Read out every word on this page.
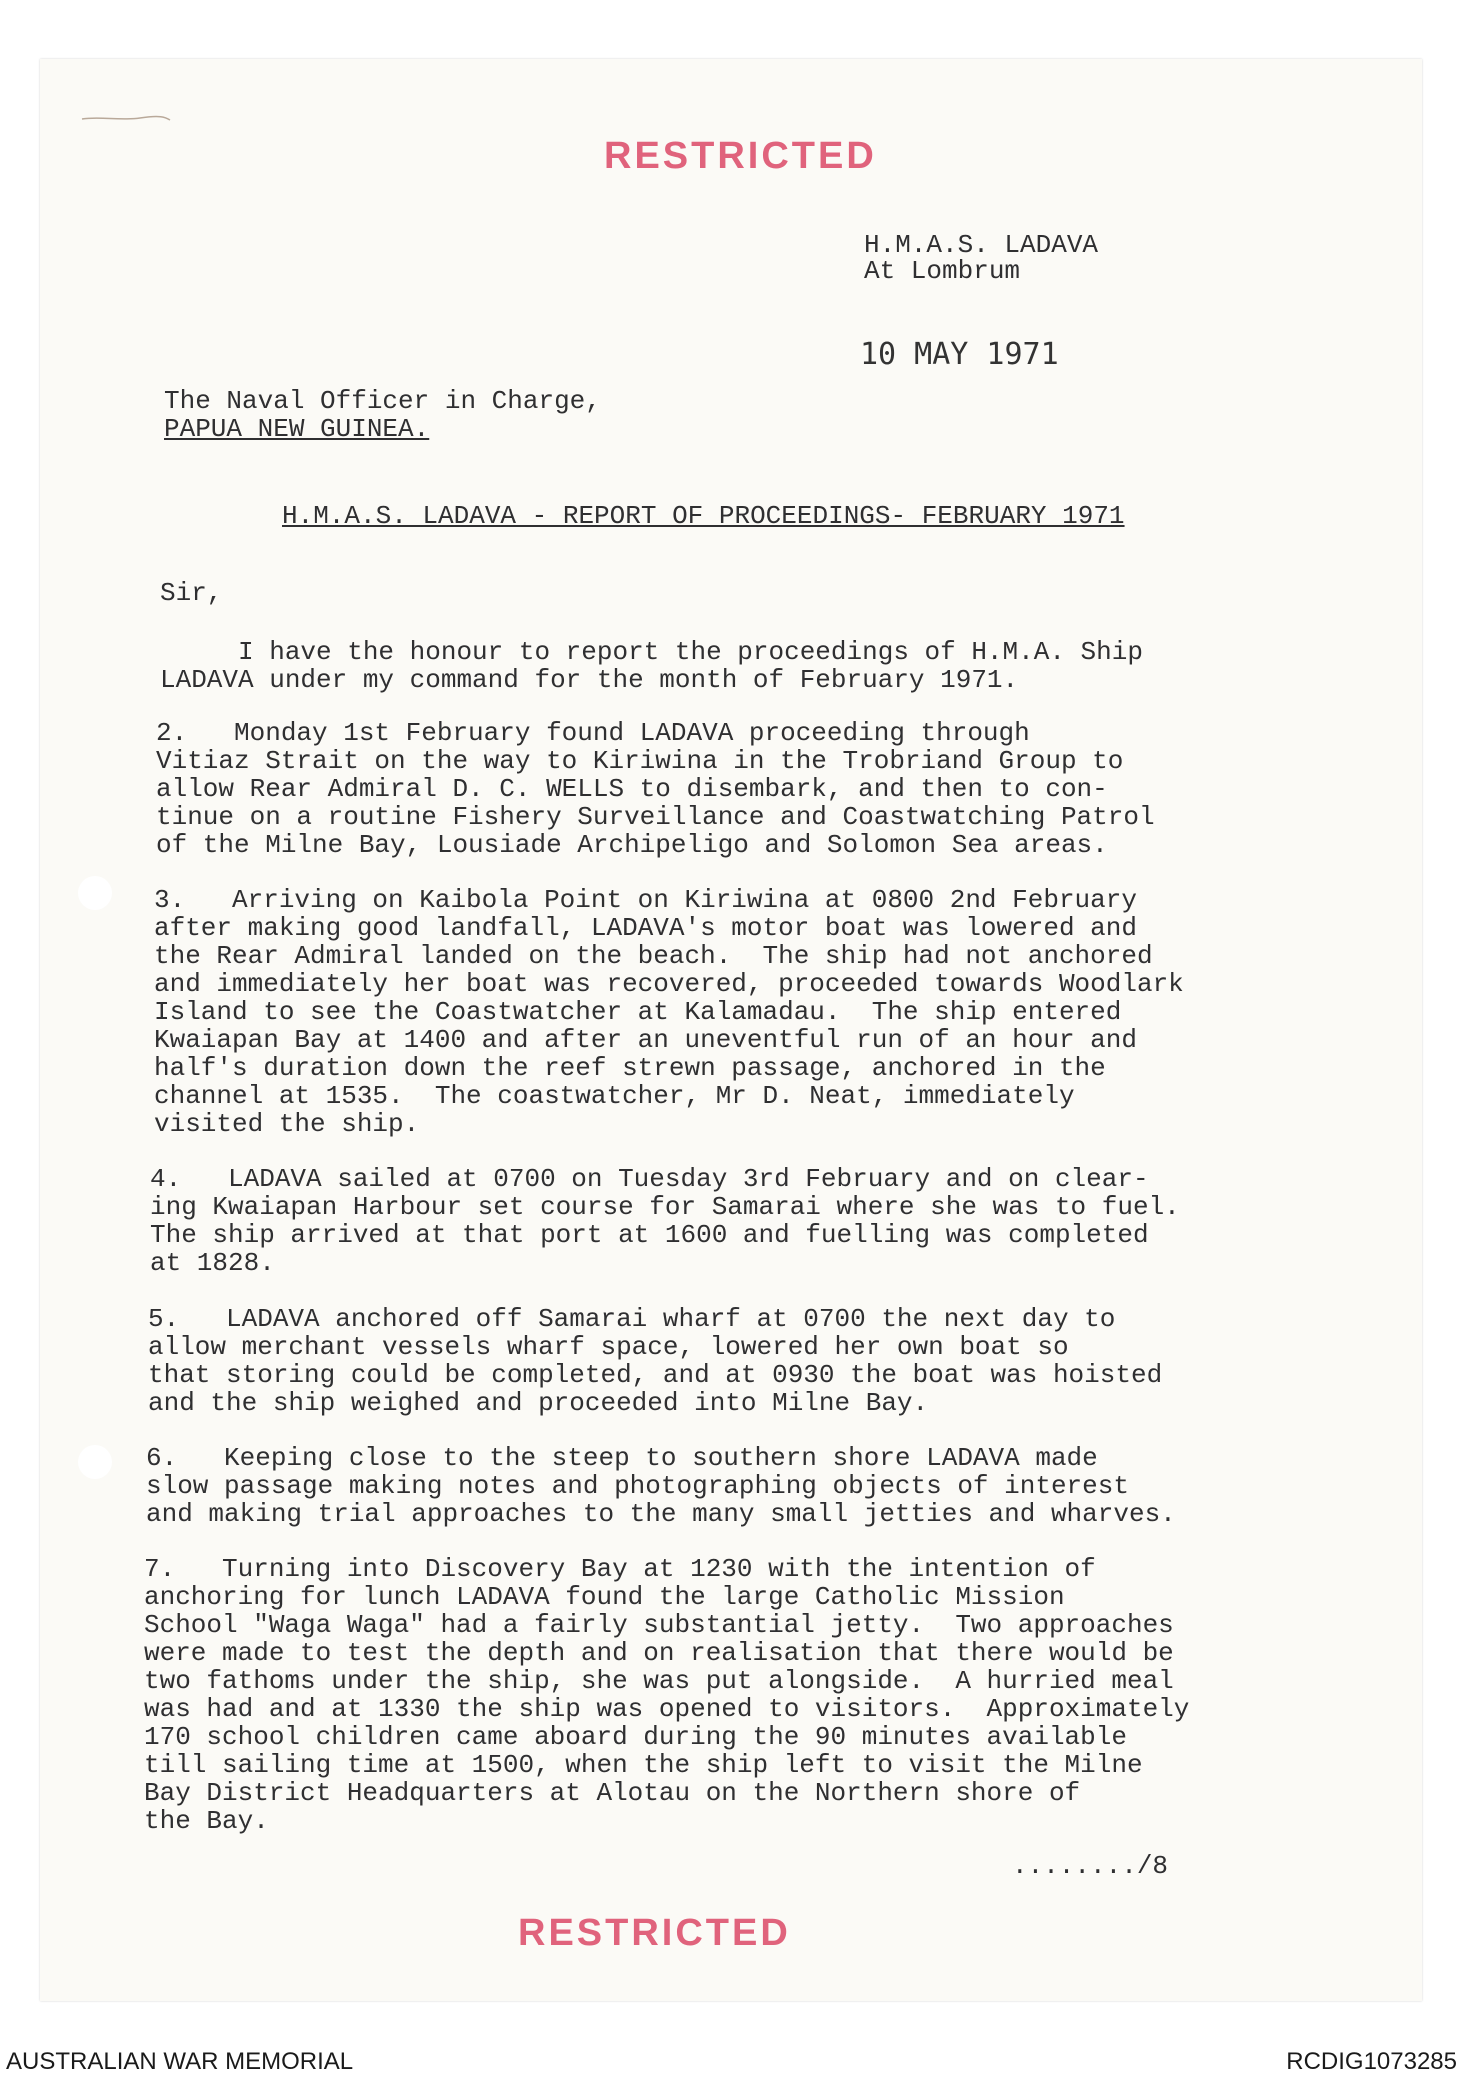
RESTRICTED
H.M.A.S. LADAVA
At Lombrum
10 MAY 1971
The Naval Officer in Charge,
PAPUA NEW GUINEA.
H.M.A.S. LADAVA - REPORT OF PROCEEDINGS- FEBRUARY 1971
Sir,
I have the honour to report the proceedings of H.M.A. Ship
LADAVA under my command for the month of February 1971.
2.   Monday 1st February found LADAVA proceeding through
Vitiaz Strait on the way to Kiriwina in the Trobriand Group to
allow Rear Admiral D. C. WELLS to disembark, and then to con-
tinue on a routine Fishery Surveillance and Coastwatching Patrol
of the Milne Bay, Lousiade Archipeligo and Solomon Sea areas.
3.   Arriving on Kaibola Point on Kiriwina at 0800 2nd February
after making good landfall, LADAVA's motor boat was lowered and
the Rear Admiral landed on the beach.  The ship had not anchored
and immediately her boat was recovered, proceeded towards Woodlark
Island to see the Coastwatcher at Kalamadau.  The ship entered
Kwaiapan Bay at 1400 and after an uneventful run of an hour and
half's duration down the reef strewn passage, anchored in the
channel at 1535.  The coastwatcher, Mr D. Neat, immediately
visited the ship.
4.   LADAVA sailed at 0700 on Tuesday 3rd February and on clear-
ing Kwaiapan Harbour set course for Samarai where she was to fuel.
The ship arrived at that port at 1600 and fuelling was completed
at 1828.
5.   LADAVA anchored off Samarai wharf at 0700 the next day to
allow merchant vessels wharf space, lowered her own boat so
that storing could be completed, and at 0930 the boat was hoisted
and the ship weighed and proceeded into Milne Bay.
6.   Keeping close to the steep to southern shore LADAVA made
slow passage making notes and photographing objects of interest
and making trial approaches to the many small jetties and wharves.
7.   Turning into Discovery Bay at 1230 with the intention of
anchoring for lunch LADAVA found the large Catholic Mission
School "Waga Waga" had a fairly substantial jetty.  Two approaches
were made to test the depth and on realisation that there would be
two fathoms under the ship, she was put alongside.  A hurried meal
was had and at 1330 the ship was opened to visitors.  Approximately
170 school children came aboard during the 90 minutes available
till sailing time at 1500, when the ship left to visit the Milne
Bay District Headquarters at Alotau on the Northern shore of
the Bay.
......../8
RESTRICTED
AUSTRALIAN WAR MEMORIAL	RCDIG1073285
